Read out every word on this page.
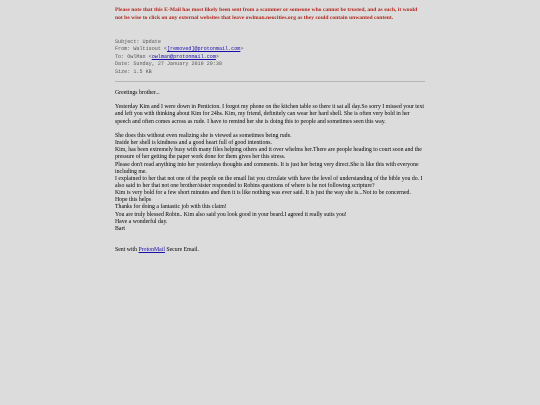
Please note that this E-Mail has most likely been sent from a scammer or someone who cannot be trusted, and as such, it would not be wise to click on any external websites that leave owlman.neocities.org as they could contain unwanted content.
Subject: Update
From: Waltisout <[removed]@protonmail.com>
To: OwlMan <owlman@protonmail.com>
Date: Sunday, 27 January 2019 20:38
Size: 1.5 KB

Greetings brother...

Yesterday Kim and I were down in Penticton. I forgot my phone on the kitchen table so there it sat all day.So sorry I missed your text and left you with thinking about Kim for 24hs. Kim, my friend, definitely can wear her hard shell. She is often very bold in her speech and often comes across as rude. I have to remind her she is doing this to people and sometimes seen this way.

She does this without even realizing she is viewed as sometimes being rude.

Inside her shell is kindness and a good heart full of good intentions.

Kim, has been extremely busy with many files helping others and it over whelms her.There are people heading to court soon and the pressure of her getting the paper work done for them gives her this stress.

Please don't read anything into her yesterdays thoughts and comments. It is just her being very direct.She is like this with everyone including me.

I explained to her that not one of the people on the email list you circulate with have the level of understanding of the bible you do. I also said to her that not one brother/sister responded to Robins questions of where is he not following scripture?

Kim is very bold for a few short minutes and then it is like nothing was ever said. It is just the way she is...Not to be concerned.

Hope this helps

Thanks for doing a fantastic job with this claim!

You are truly blessed Robin.. Kim also said you look good in your beard.I agreed it really suits you!

Have a wonderful day.

Bart

Sent with ProtonMail Secure Email.
